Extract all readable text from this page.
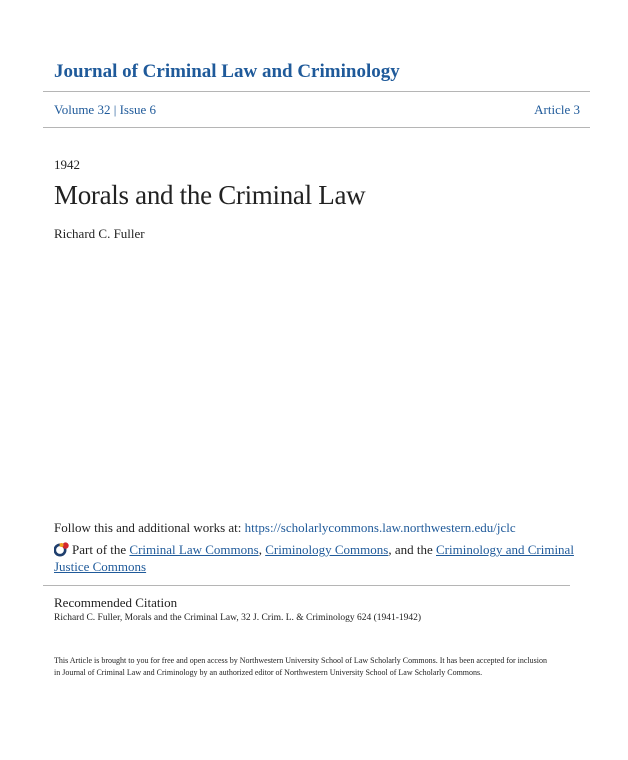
Journal of Criminal Law and Criminology
Volume 32 | Issue 6	Article 3
1942
Morals and the Criminal Law
Richard C. Fuller
Follow this and additional works at: https://scholarlycommons.law.northwestern.edu/jclc
Part of the Criminal Law Commons, Criminology Commons, and the Criminology and Criminal Justice Commons
Recommended Citation
Richard C. Fuller, Morals and the Criminal Law, 32 J. Crim. L. & Criminology 624 (1941-1942)
This Article is brought to you for free and open access by Northwestern University School of Law Scholarly Commons. It has been accepted for inclusion in Journal of Criminal Law and Criminology by an authorized editor of Northwestern University School of Law Scholarly Commons.
